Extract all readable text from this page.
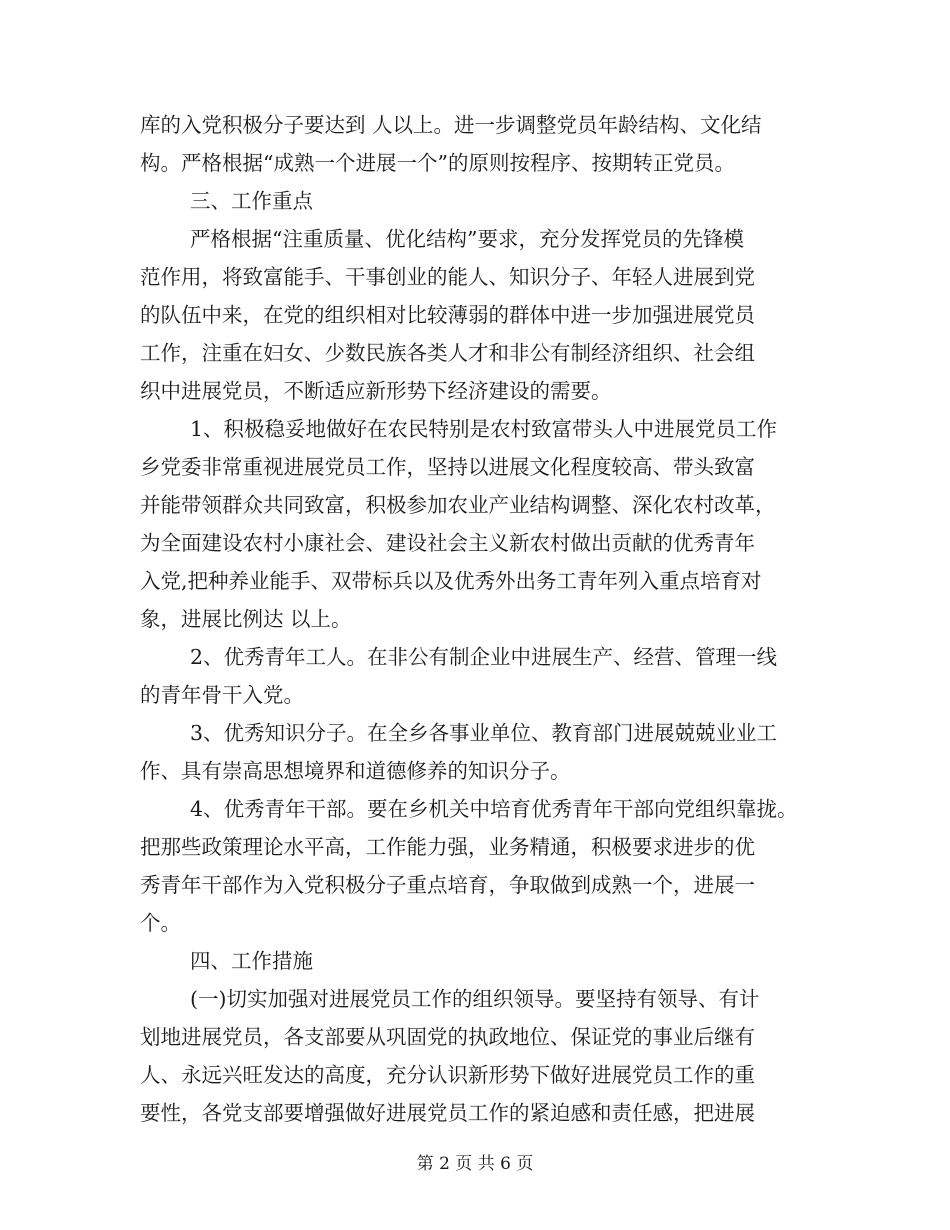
库的入党积极分子要达到 人以上。进一步调整党员年龄结构、文化结
构。严格根据“成熟一个进展一个”的原则按程序、按期转正党员。
三、工作重点
严格根据“注重质量、优化结构”要求，充分发挥党员的先锋模
范作用，将致富能手、干事创业的能人、知识分子、年轻人进展到党
的队伍中来，在党的组织相对比较薄弱的群体中进一步加强进展党员
工作，注重在妇女、少数民族各类人才和非公有制经济组织、社会组
织中进展党员，不断适应新形势下经济建设的需要。
1、积极稳妥地做好在农民特别是农村致富带头人中进展党员工作
乡党委非常重视进展党员工作，坚持以进展文化程度较高、带头致富
并能带领群众共同致富，积极参加农业产业结构调整、深化农村改革，
为全面建设农村小康社会、建设社会主义新农村做出贡献的优秀青年
入党,把种养业能手、双带标兵以及优秀外出务工青年列入重点培育对
象，进展比例达 以上。
2、优秀青年工人。在非公有制企业中进展生产、经营、管理一线
的青年骨干入党。
3、优秀知识分子。在全乡各事业单位、教育部门进展兢兢业业工
作、具有崇高思想境界和道德修养的知识分子。
4、优秀青年干部。要在乡机关中培育优秀青年干部向党组织靠拢。
把那些政策理论水平高，工作能力强，业务精通，积极要求进步的优
秀青年干部作为入党积极分子重点培育，争取做到成熟一个，进展一
个。
四、工作措施
(一)切实加强对进展党员工作的组织领导。要坚持有领导、有计
划地进展党员，各支部要从巩固党的执政地位、保证党的事业后继有
人、永远兴旺发达的高度，充分认识新形势下做好进展党员工作的重
要性，各党支部要增强做好进展党员工作的紧迫感和责任感，把进展
第 2 页 共 6 页
